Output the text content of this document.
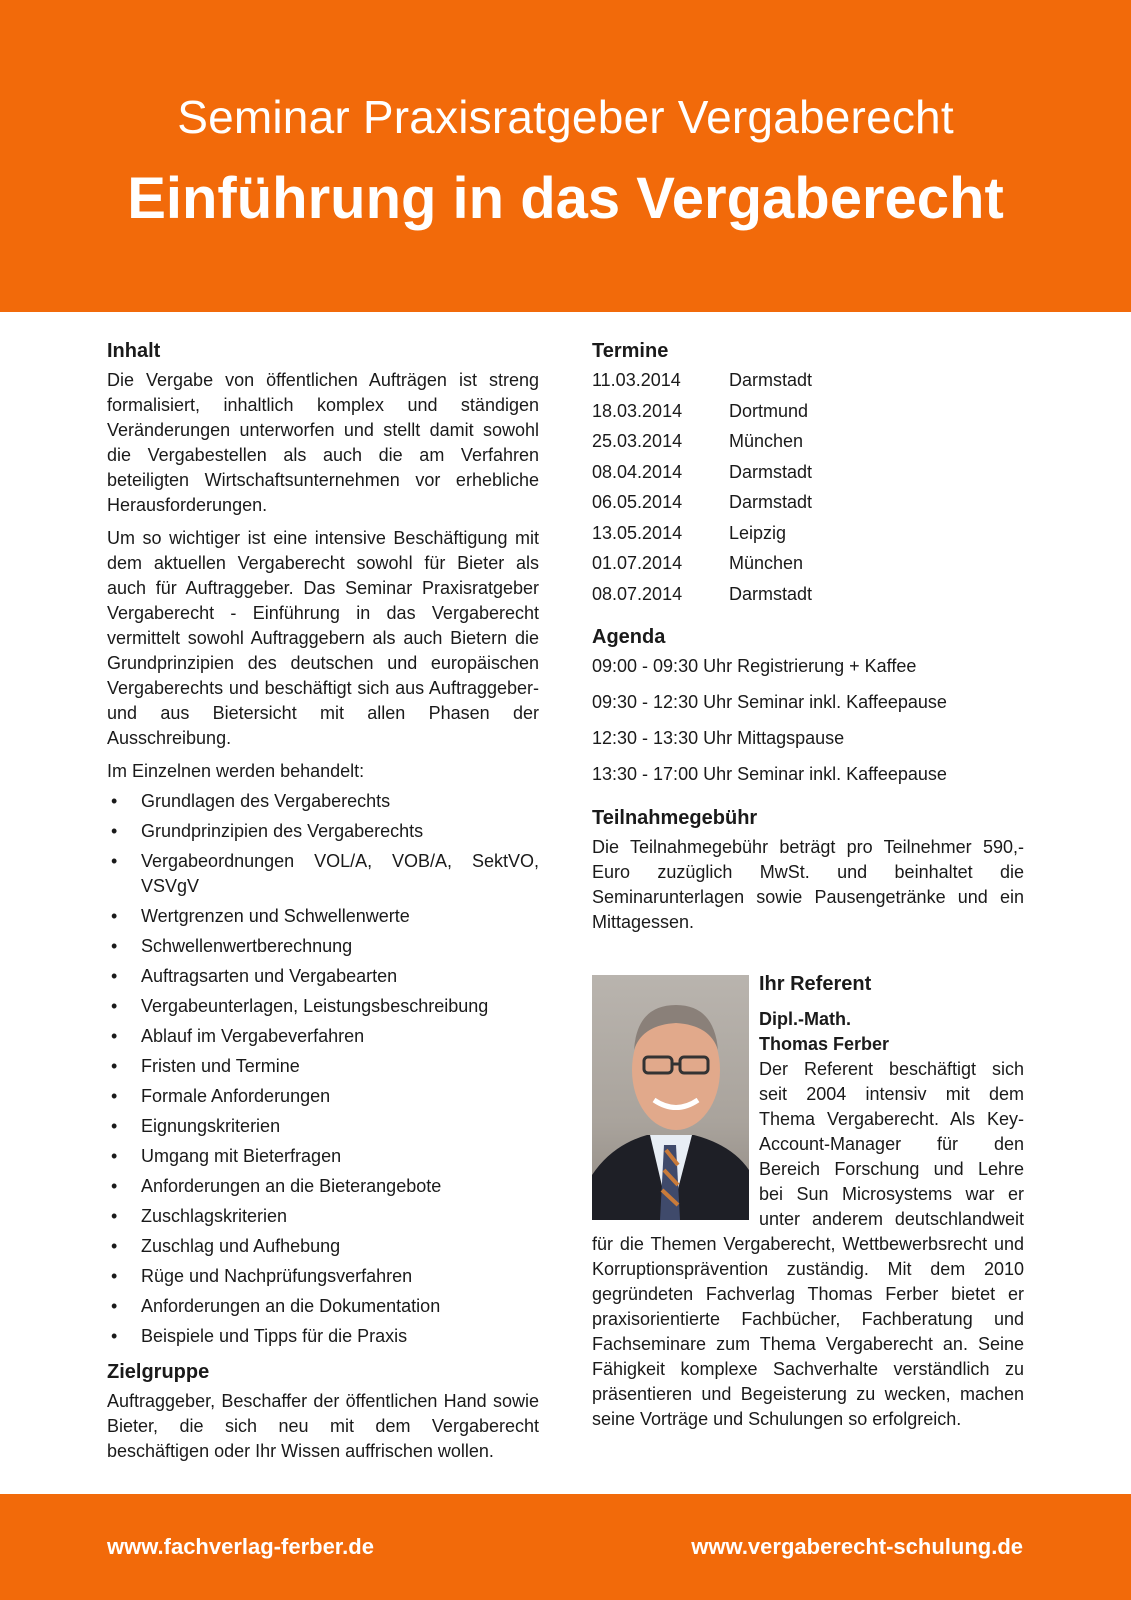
Seminar Praxisratgeber Vergaberecht
Einführung in das Vergaberecht
Inhalt

Die Vergabe von öffentlichen Aufträgen ist streng formalisiert, inhaltlich komplex und ständigen Veränderungen unterworfen und stellt damit sowohl die Vergabestellen als auch die am Verfahren beteiligten Wirtschaftsunternehmen vor erhebliche Herausforderungen.

Um so wichtiger ist eine intensive Beschäftigung mit dem aktuellen Vergaberecht sowohl für Bieter als auch für Auftraggeber. Das Seminar Praxisratgeber Vergaberecht - Einführung in das Vergaberecht vermittelt sowohl Auftraggebern als auch Bietern die Grundprinzipien des deutschen und europäischen Vergaberechts und beschäftigt sich aus Auftraggeber- und aus Bietersicht mit allen Phasen der Ausschreibung.

Im Einzelnen werden behandelt:

• Grundlagen des Vergaberechts
• Grundprinzipien des Vergaberechts
• Vergabeordnungen VOL/A, VOB/A, SektVO, VSVgV
• Wertgrenzen und Schwellenwerte
• Schwellenwertberechnung
• Auftragsarten und Vergabearten
• Vergabeunterlagen, Leistungsbeschreibung
• Ablauf im Vergabeverfahren
• Fristen und Termine
• Formale Anforderungen
• Eignungskriterien
• Umgang mit Bieterfragen
• Anforderungen an die Bieterangebote
• Zuschlagskriterien
• Zuschlag und Aufhebung
• Rüge und Nachprüfungsverfahren
• Anforderungen an die Dokumentation
• Beispiele und Tipps für die Praxis
Zielgruppe

Auftraggeber, Beschaffer der öffentlichen Hand sowie Bieter, die sich neu mit dem Vergaberecht beschäftigen oder Ihr Wissen auffrischen wollen.

Termine
11.03.2014	Darmstadt
18.03.2014	Dortmund
25.03.2014	München
08.04.2014	Darmstadt
06.05.2014	Darmstadt
13.05.2014	Leipzig
01.07.2014	München
08.07.2014	Darmstadt
Agenda
09:00 - 09:30 Uhr Registrierung + Kaffee
09:30 - 12:30 Uhr Seminar inkl. Kaffeepause
12:30 - 13:30 Uhr Mittagspause
13:30 - 17:00 Uhr Seminar inkl. Kaffeepause
Teilnahmegebühr

Die Teilnahmegebühr beträgt pro Teilnehmer 590,- Euro zuzüglich MwSt. und beinhaltet die Seminarunterlagen sowie Pausengetränke und ein Mittagessen.

Ihr Referent

Dipl.-Math.

Thomas Ferber

Der Referent beschäftigt sich seit 2004 intensiv mit dem Thema Vergaberecht. Als Key-Account-Manager für den Bereich Forschung und Lehre bei Sun Microsystems war er unter anderem deutschlandweit für die Themen Vergaberecht, Wettbewerbsrecht und Korruptionsprävention zuständig. Mit dem 2010 gegründeten Fachverlag Thomas Ferber bietet er praxisorientierte Fachbücher, Fachberatung und Fachseminare zum Thema Vergaberecht an. Seine Fähigkeit komplexe Sachverhalte verständlich zu präsentieren und Begeisterung zu wecken, machen seine Vorträge und Schulungen so erfolgreich.

www.fachverlag-ferber.de	www.vergaberecht-schulung.de
